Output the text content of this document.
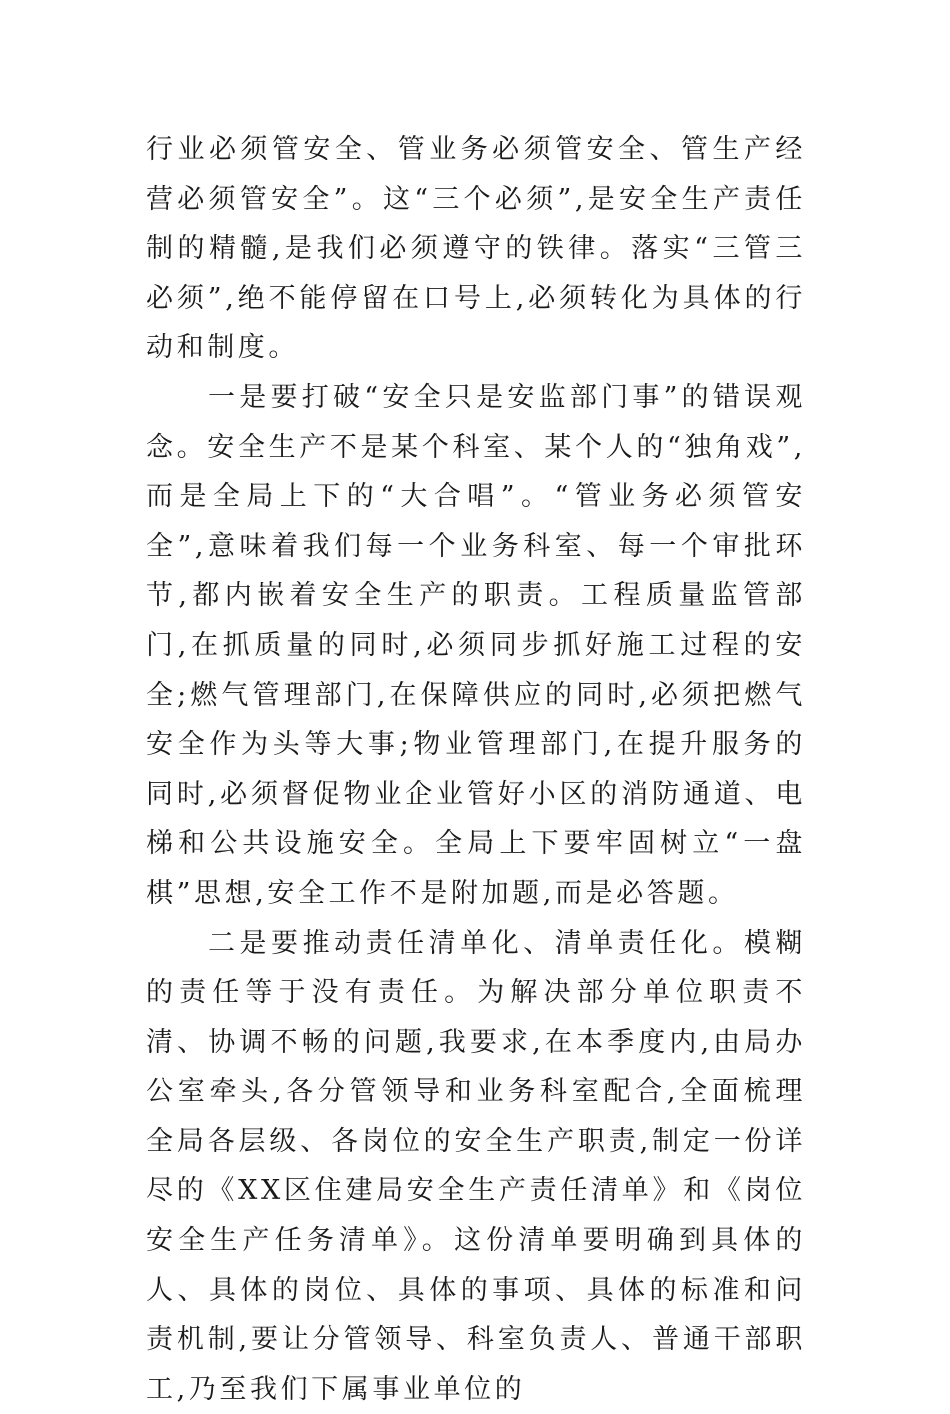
行业必须管安全、管业务必须管安全、管生产经营必须管安全”。这“三个必须”,是安全生产责任制的精髓,是我们必须遵守的铁律。落实“三管三必须”,绝不能停留在口号上,必须转化为具体的行动和制度。

一是要打破“安全只是安监部门事”的错误观念。安全生产不是某个科室、某个人的“独角戏”,而是全局上下的“大合唱”。“管业务必须管安全”,意味着我们每一个业务科室、每一个审批环节,都内嵌着安全生产的职责。工程质量监管部门,在抓质量的同时,必须同步抓好施工过程的安全;燃气管理部门,在保障供应的同时,必须把燃气安全作为头等大事;物业管理部门,在提升服务的同时,必须督促物业企业管好小区的消防通道、电梯和公共设施安全。全局上下要牢固树立“一盘棋”思想,安全工作不是附加题,而是必答题。

二是要推动责任清单化、清单责任化。模糊的责任等于没有责任。为解决部分单位职责不清、协调不畅的问题,我要求,在本季度内,由局办公室牵头,各分管领导和业务科室配合,全面梳理全局各层级、各岗位的安全生产职责,制定一份详尽的《XX区住建局安全生产责任清单》和《岗位安全生产任务清单》。这份清单要明确到具体的人、具体的岗位、具体的事项、具体的标准和问责机制,要让分管领导、科室负责人、普通干部职工,乃至我们下属事业单位的
